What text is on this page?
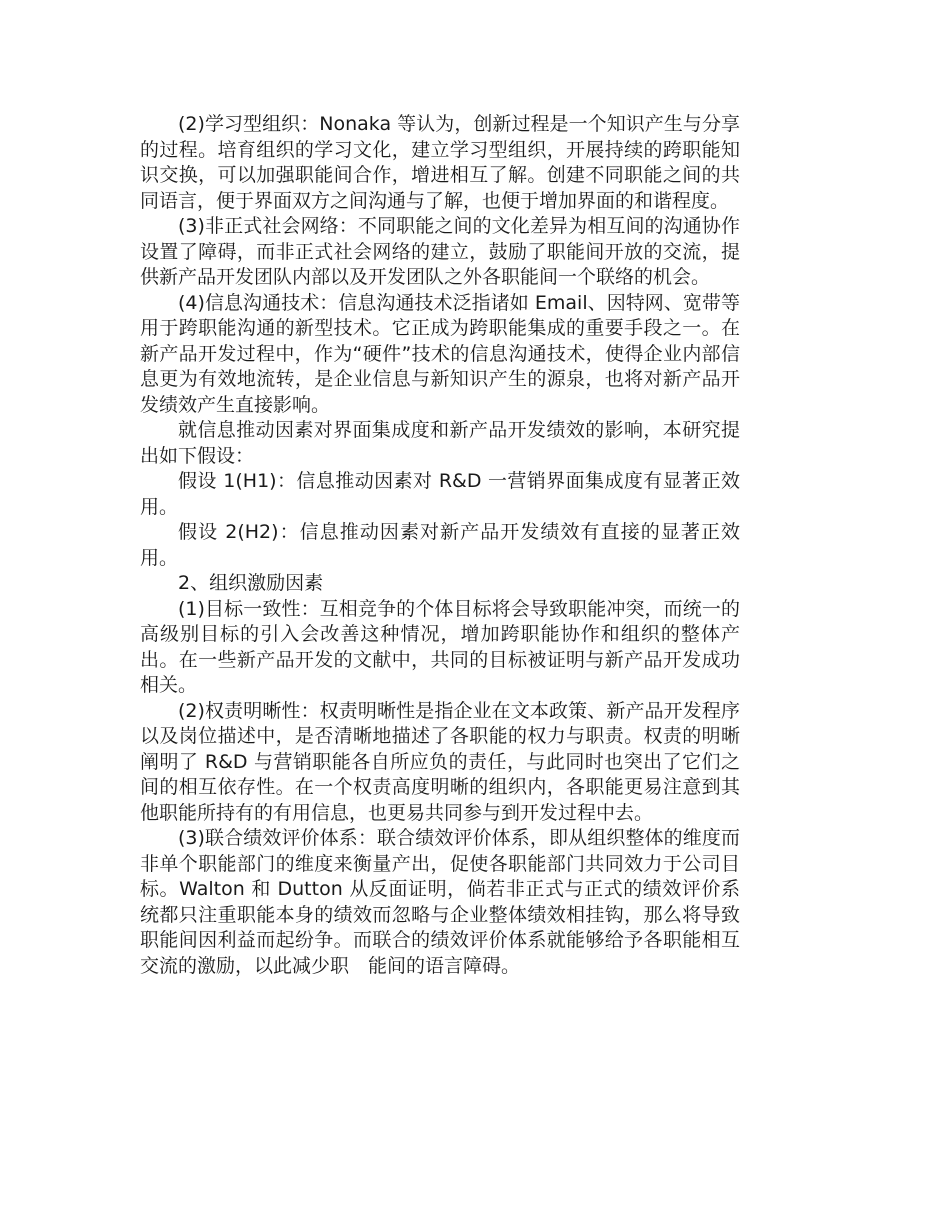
(2)学习型组织：Nonaka 等认为，创新过程是一个知识产生与分享的过程。培育组织的学习文化，建立学习型组织，开展持续的跨职能知识交换，可以加强职能间合作，增进相互了解。创建不同职能之间的共同语言，便于界面双方之间沟通与了解，也便于增加界面的和谐程度。

(3)非正式社会网络：不同职能之间的文化差异为相互间的沟通协作设置了障碍，而非正式社会网络的建立，鼓励了职能间开放的交流，提供新产品开发团队内部以及开发团队之外各职能间一个联络的机会。

(4)信息沟通技术：信息沟通技术泛指诸如 Email、因特网、宽带等用于跨职能沟通的新型技术。它正成为跨职能集成的重要手段之一。在新产品开发过程中，作为“硬件”技术的信息沟通技术，使得企业内部信息更为有效地流转，是企业信息与新知识产生的源泉，也将对新产品开发绩效产生直接影响。

就信息推动因素对界面集成度和新产品开发绩效的影响，本研究提出如下假设：

假设 1(H1)：信息推动因素对 R&D 一营销界面集成度有显著正效用。

假设 2(H2)：信息推动因素对新产品开发绩效有直接的显著正效用。

2、组织激励因素

(1)目标一致性：互相竞争的个体目标将会导致职能冲突，而统一的高级别目标的引入会改善这种情况，增加跨职能协作和组织的整体产出。在一些新产品开发的文献中，共同的目标被证明与新产品开发成功相关。

(2)权责明晰性：权责明晰性是指企业在文本政策、新产品开发程序以及岗位描述中，是否清晰地描述了各职能的权力与职责。权责的明晰阐明了 R&D 与营销职能各自所应负的责任，与此同时也突出了它们之间的相互依存性。在一个权责高度明晰的组织内，各职能更易注意到其他职能所持有的有用信息，也更易共同参与到开发过程中去。

(3)联合绩效评价体系：联合绩效评价体系，即从组织整体的维度而非单个职能部门的维度来衡量产出，促使各职能部门共同效力于公司目标。Walton 和 Dutton 从反面证明，倘若非正式与正式的绩效评价系统都只注重职能本身的绩效而忽略与企业整体绩效相挂钩，那么将导致职能间因利益而起纷争。而联合的绩效评价体系就能够给予各职能相互交流的激励，以此减少职　能间的语言障碍。
